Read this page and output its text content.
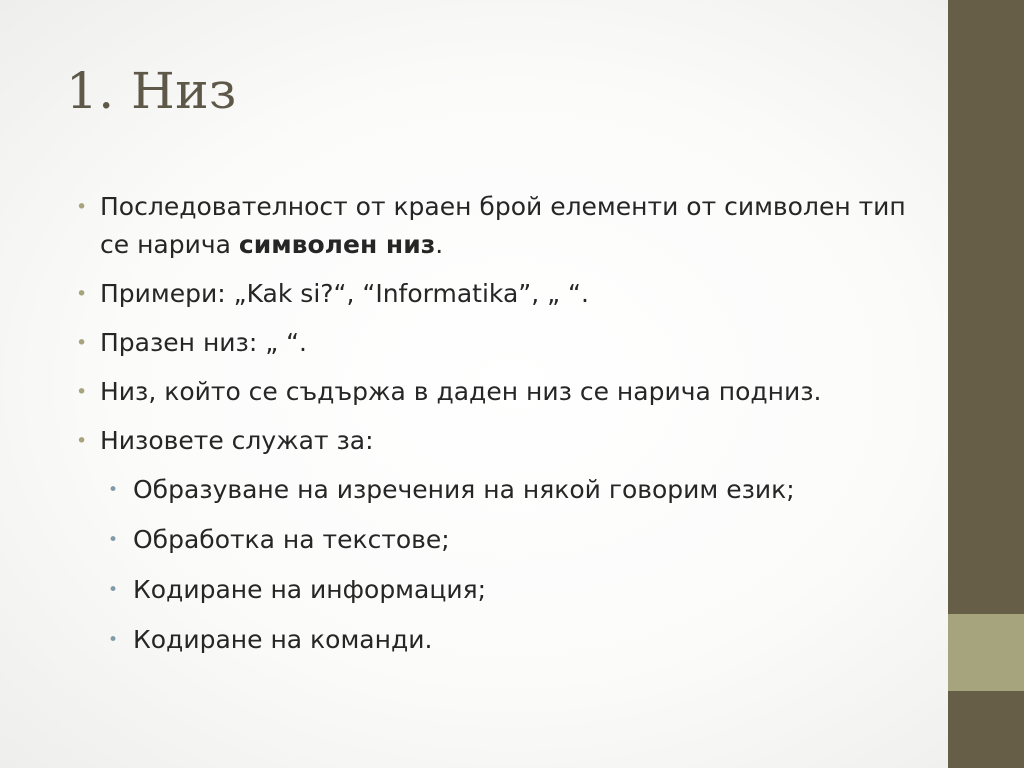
1. Низ
• Последователност от краен брой елементи от символен тип се нарича символен низ.
• Примери: „Kak si?“, “Informatika”, „ “.
• Празен низ: „ “.
• Низ, който се съдържа в даден низ се нарича подниз.
• Низовете служат за:
• Образуване на изречения на някой говорим език;
• Обработка на текстове;
• Кодиране на информация;
• Кодиране на команди.
